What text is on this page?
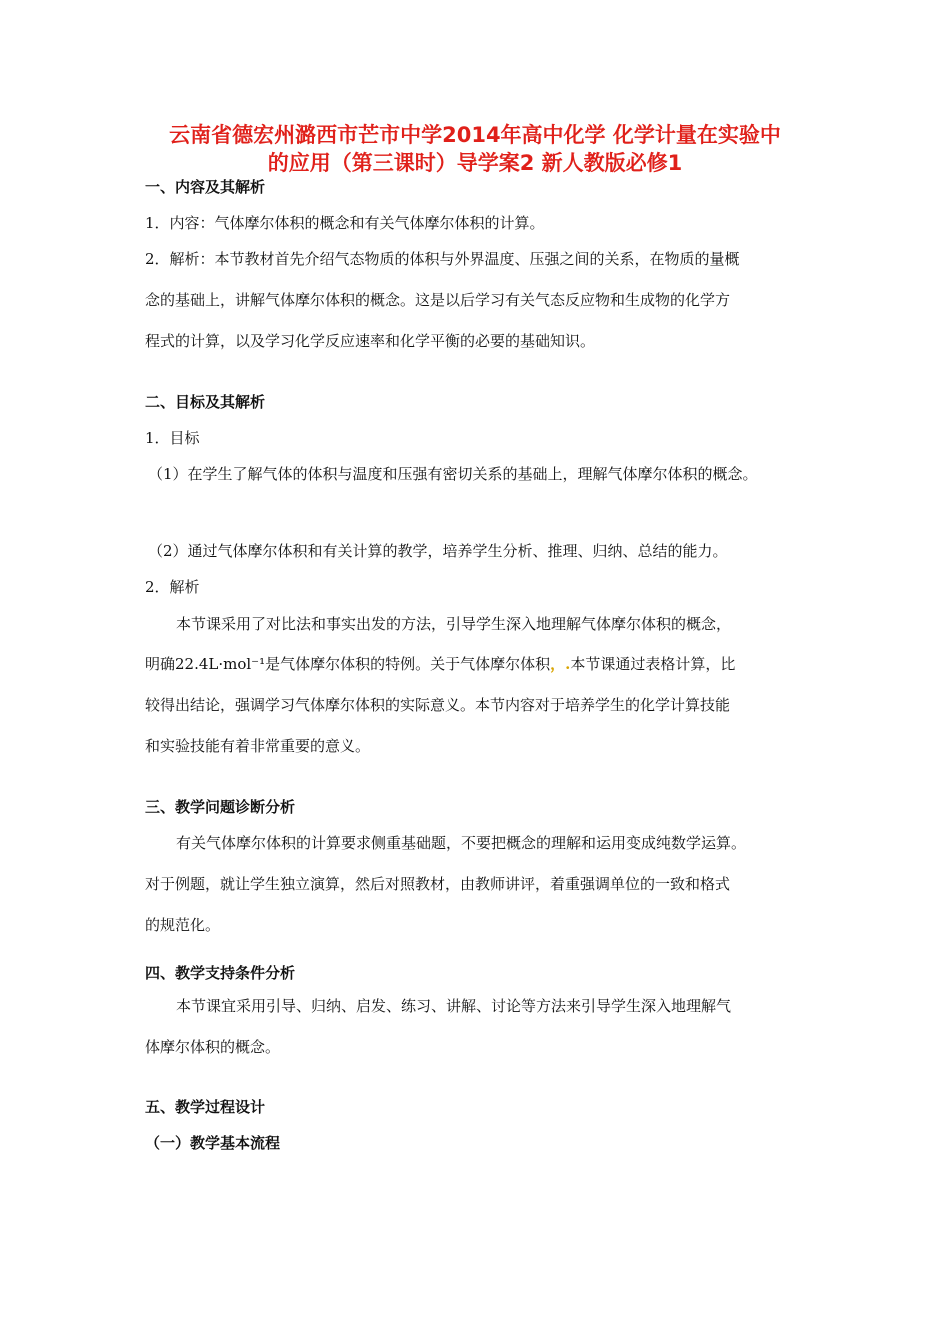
云南省德宏州潞西市芒市中学2014年高中化学 化学计量在实验中
的应用（第三课时）导学案2 新人教版必修1
一、内容及其解析
1．内容：气体摩尔体积的概念和有关气体摩尔体积的计算。
2．解析：本节教材首先介绍气态物质的体积与外界温度、压强之间的关系，在物质的量概
念的基础上，讲解气体摩尔体积的概念。这是以后学习有关气态反应物和生成物的化学方
程式的计算，以及学习化学反应速率和化学平衡的必要的基础知识。
二、目标及其解析
1．目标
（1）在学生了解气体的体积与温度和压强有密切关系的基础上，理解气体摩尔体积的概念。
（2）通过气体摩尔体积和有关计算的教学，培养学生分析、推理、归纳、总结的能力。
2．解析
本节课采用了对比法和事实出发的方法，引导学生深入地理解气体摩尔体积的概念，
明确22.4L·mol⁻¹是气体摩尔体积的特例。关于气体摩尔体积，.本节课通过表格计算，比
较得出结论，强调学习气体摩尔体积的实际意义。本节内容对于培养学生的化学计算技能
和实验技能有着非常重要的意义。
三、教学问题诊断分析
有关气体摩尔体积的计算要求侧重基础题，不要把概念的理解和运用变成纯数学运算。
对于例题，就让学生独立演算，然后对照教材，由教师讲评，着重强调单位的一致和格式
的规范化。
四、教学支持条件分析
本节课宜采用引导、归纳、启发、练习、讲解、讨论等方法来引导学生深入地理解气
体摩尔体积的概念。
五、教学过程设计
（一）教学基本流程
